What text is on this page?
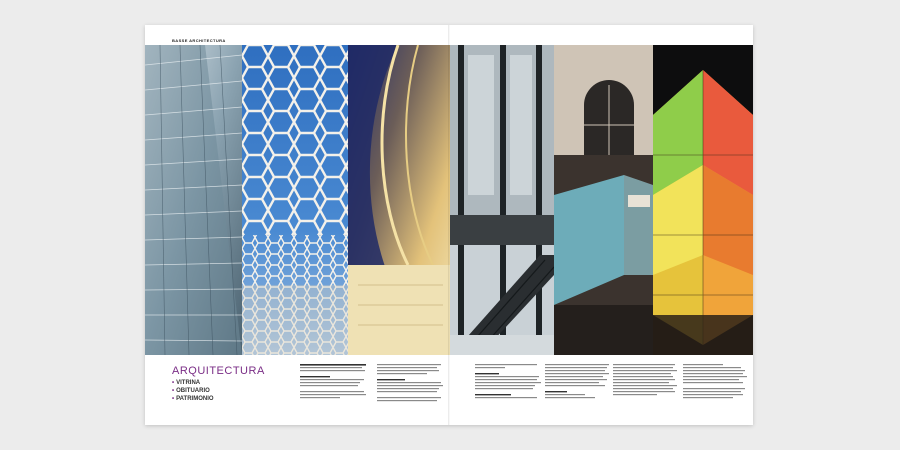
BASSE ARCHITECTURA
ARQUITECTURA
• VITRINA
• OBITUARIO
• PATRIMONIO
